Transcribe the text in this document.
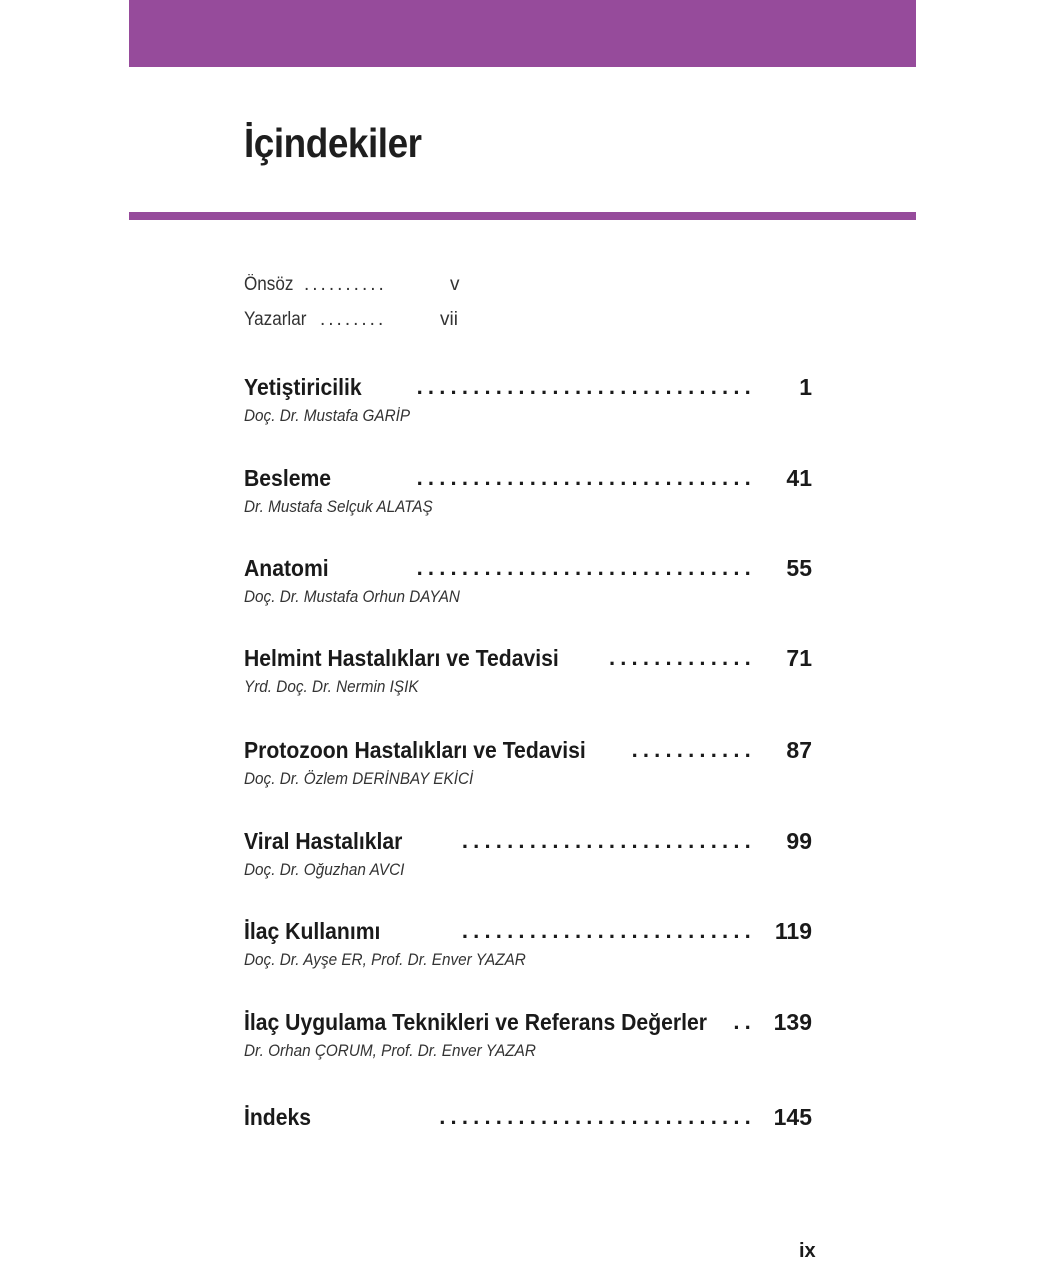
İçindekiler
Önsöz ..........	v
Yazarlar ........	vii
Yetiştiricilik .............................. 1
Doç. Dr. Mustafa GARİP
Besleme	.............................. 41
Dr. Mustafa Selçuk ALATAŞ
Anatomi	.............................. 55
Doç. Dr. Mustafa Orhun DAYAN
Helmint Hastalıkları ve Tedavisi ............. 71
Yrd. Doç. Dr. Nermin IŞIK
Protozoon Hastalıkları ve Tedavisi ........... 87
Doç. Dr. Özlem DERİNBAY EKİCİ
Viral Hastalıklar	.......................... 99
Doç. Dr. Oğuzhan AVCI
İlaç Kullanımı	.......................... 119
Doç. Dr. Ayşe ER, Prof. Dr. Enver YAZAR
İlaç Uygulama Teknikleri ve Referans Değerler .. 139
Dr. Orhan ÇORUM, Prof. Dr. Enver YAZAR
İndeks	............................ 145
ix
